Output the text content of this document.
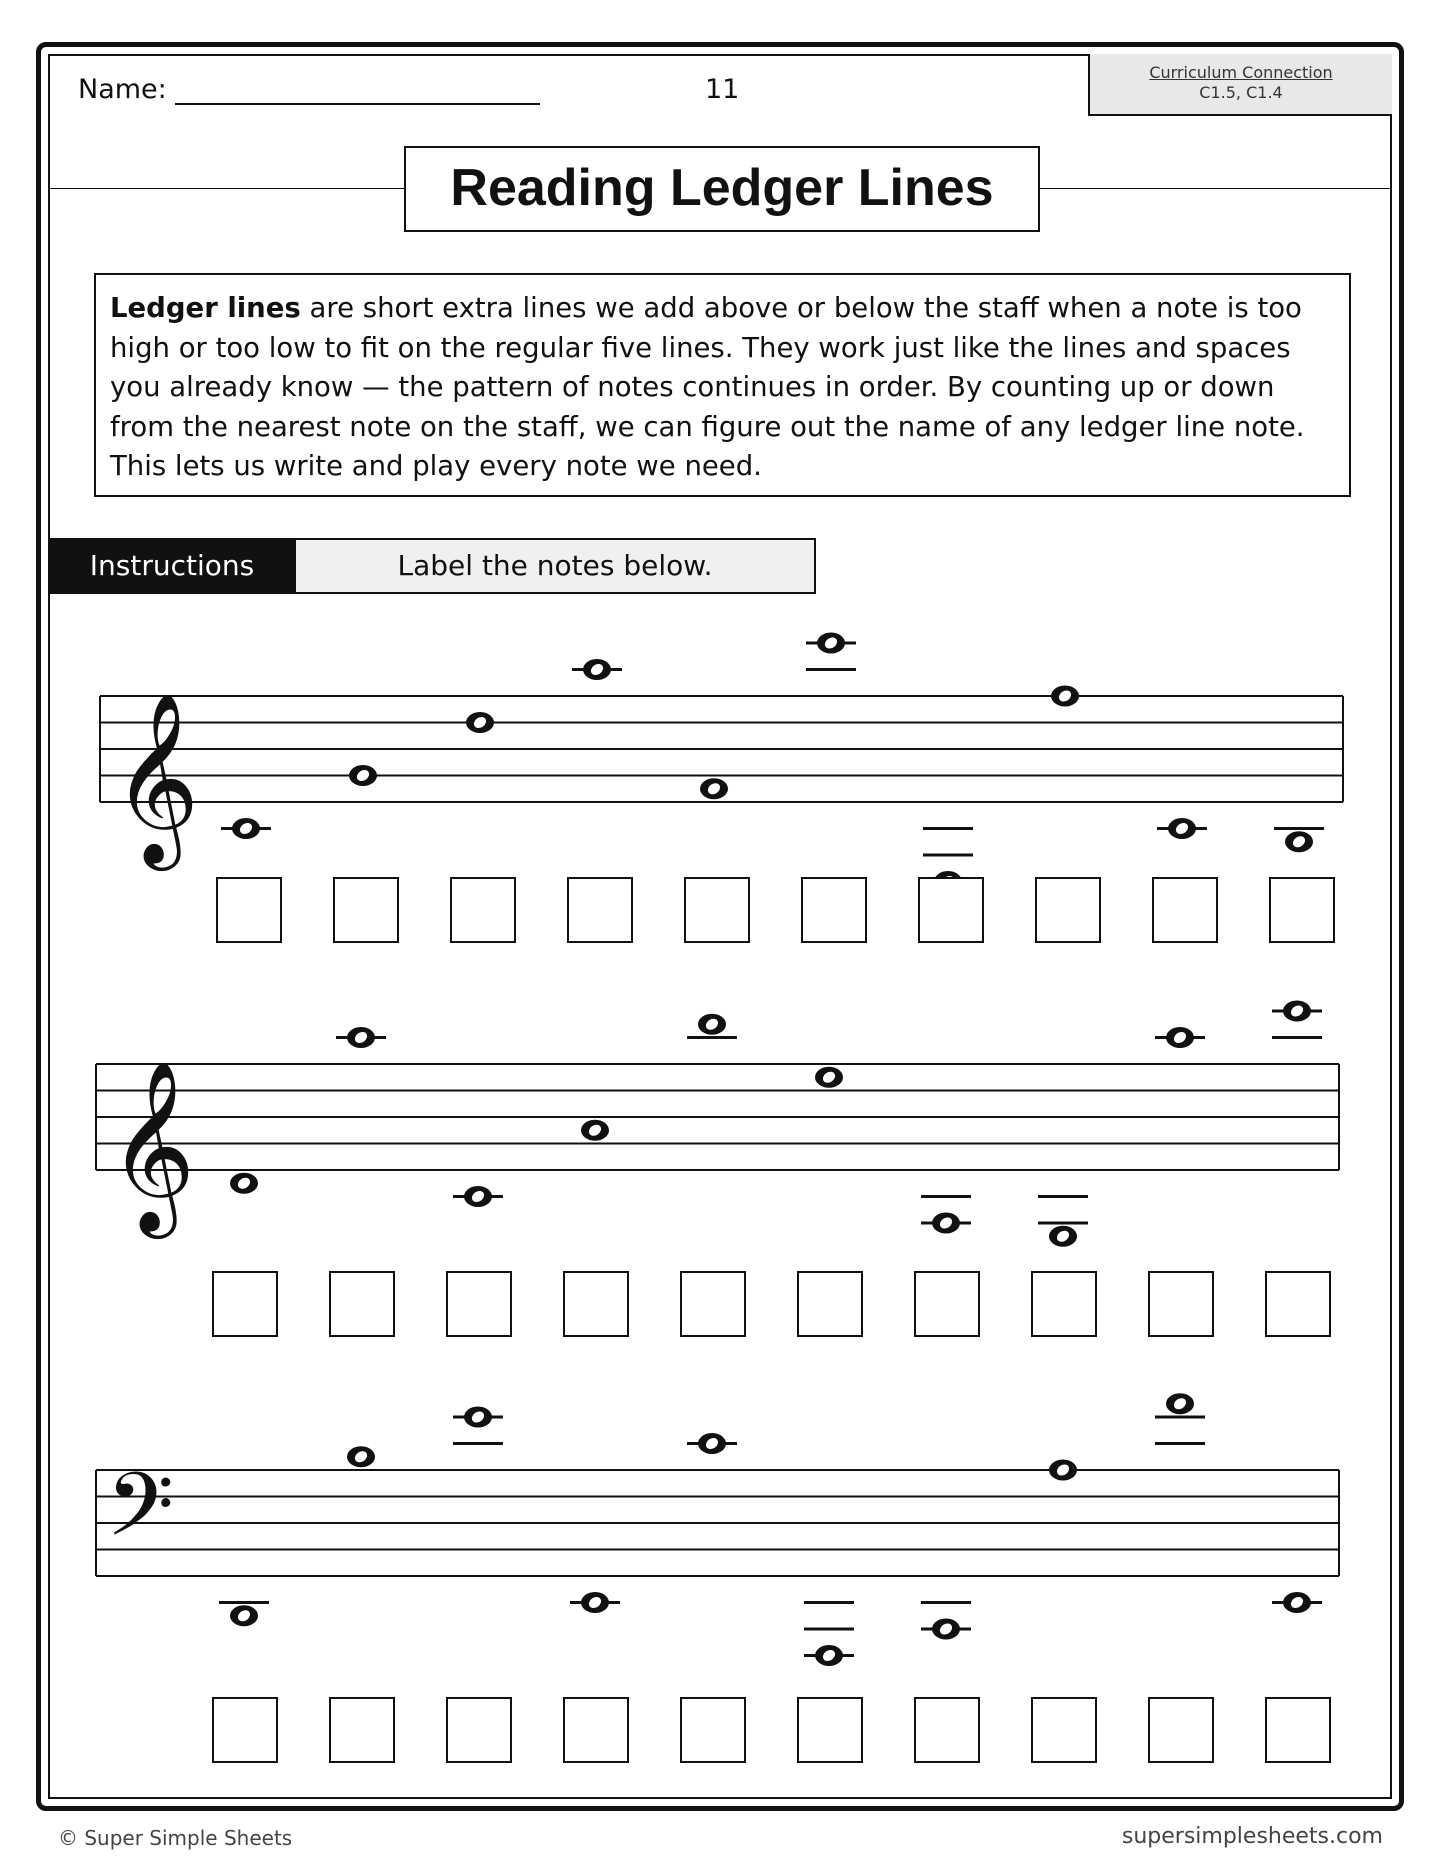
Name:	11
Curriculum Connection
C1.5, C1.4
Reading Ledger Lines
Ledger lines are short extra lines we add above or below the staff when a note is too high or too low to fit on the regular five lines. They work just like the lines and spaces you already know — the pattern of notes continues in order. By counting up or down from the nearest note on the staff, we can figure out the name of any ledger line note. This lets us write and play every note we need.
Instructions	Label the notes below.
𝄞
𝄞
𝄢
© Super Simple Sheets	supersimplesheets.com
